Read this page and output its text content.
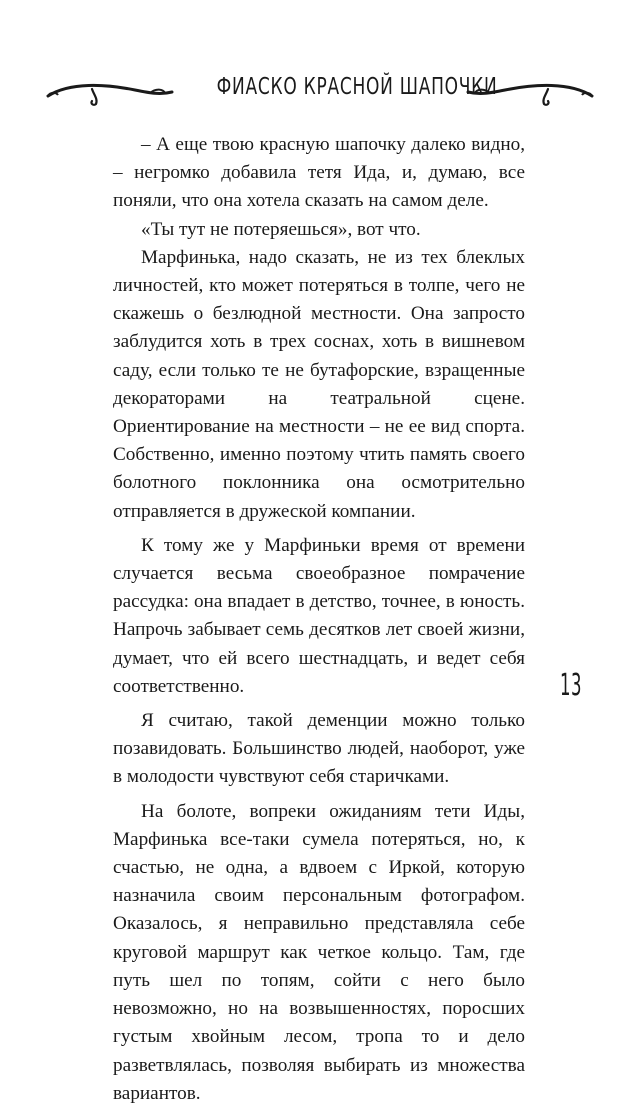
ФИАСКО КРАСНОЙ ШАПОЧКИ

– А еще твою красную шапочку далеко видно, – негромко добавила тетя Ида, и, думаю, все поняли, что она хотела сказать на самом деле.

«Ты тут не потеряешься», вот что.

Марфинька, надо сказать, не из тех блеклых личностей, кто может потеряться в толпе, чего не скажешь о безлюдной местности. Она запросто заблудится хоть в трех соснах, хоть в вишневом саду, если только те не бутафорские, взращенные декораторами на театральной сцене. Ориентирование на местности – не ее вид спорта. Собственно, именно поэтому чтить память своего болотного поклонника она осмотрительно отправляется в дружеской компании.

К тому же у Марфиньки время от времени случается весьма своеобразное помрачение рассудка: она впадает в детство, точнее, в юность. Напрочь забывает семь десятков лет своей жизни, думает, что ей всего шестнадцать, и ведет себя соответственно.

Я считаю, такой деменции можно только позавидовать. Большинство людей, наоборот, уже в молодости чувствуют себя старичками.

На болоте, вопреки ожиданиям тети Иды, Марфинька все-таки сумела потеряться, но, к счастью, не одна, а вдвоем с Иркой, которую назначила своим персональным фотографом. Оказалось, я неправильно представляла себе круговой маршрут как четкое кольцо. Там, где путь шел по топям, сойти с него было невозможно, но на возвышенностях, поросших густым хвойным лесом, тропа то и дело разветвлялась, позволяя выбирать из множества вариантов.

13
